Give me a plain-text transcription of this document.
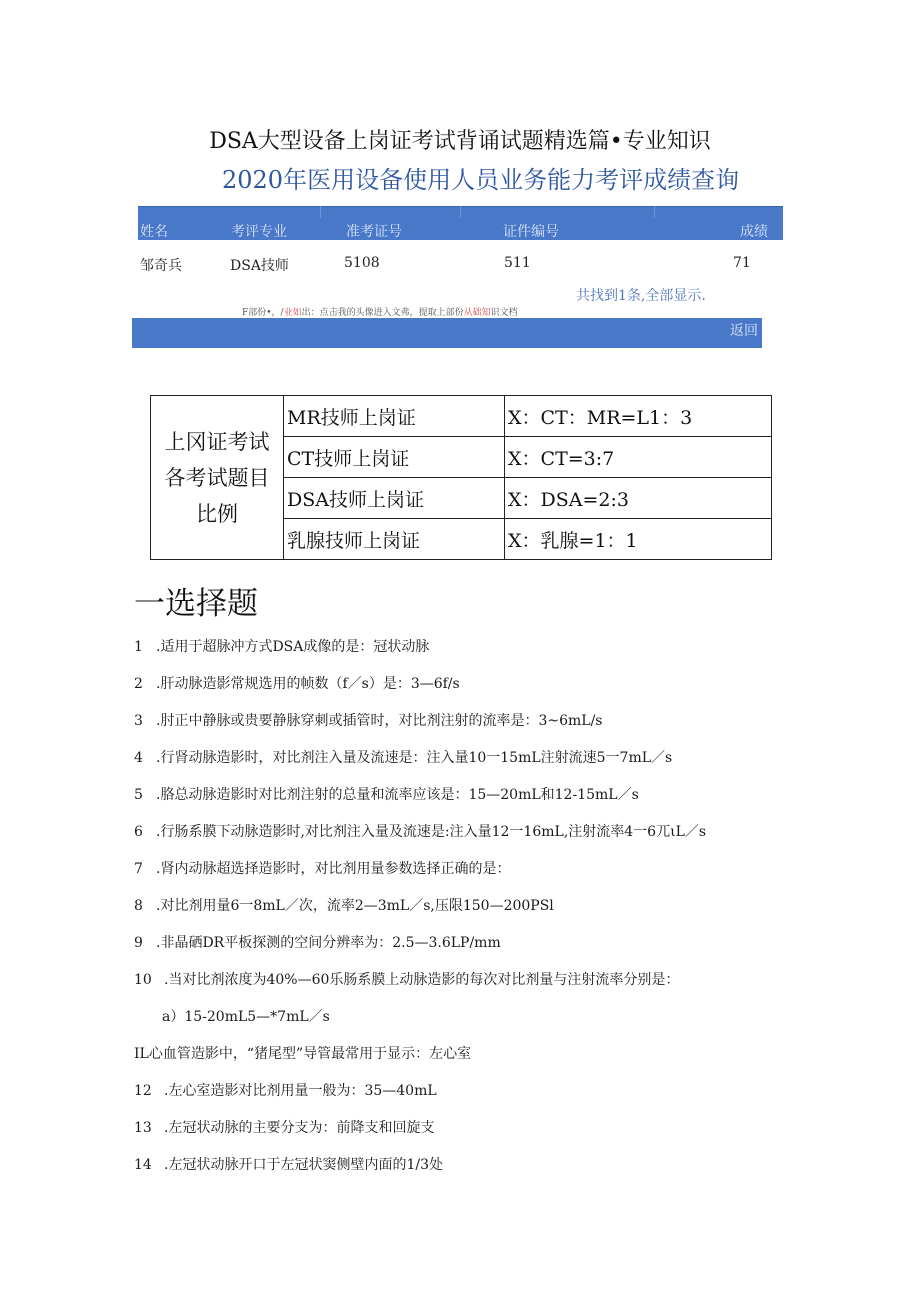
DSA大型设备上岗证考试背诵试题精选篇•专业知识
2020年医用设备使用人员业务能力考评成绩查询
姓名	考评专业	准考证号	证件编号	成绩
邹奇兵	DSA技师	5108	511	71
共找到1条,全部显示.
F部份•，/业如出：点击我的头像进入文弗，提取上部份从础知识文档
返回
上冈证考试
各考试题目
比例	MR技师上岗证	X：CT：MR=L1：3
	CT技师上岗证	X：CT=3:7
	DSA技师上岗证	X：DSA=2:3
	乳腺技师上岗证	X：乳腺=1：1
一选择题
1 .适用于超脉冲方式DSA成像的是：冠状动脉
2 .肝动脉造影常规选用的帧数（f／s）是：3—6f/s
3 .肘正中静脉或贵要静脉穿刺或插管时，对比剂注射的流率是：3~6mL/s
4 .行肾动脉造影时，对比剂注入量及流速是：注入量10一15mL注射流速5一7mL／s
5 .胳总动脉造影时对比剂注射的总量和流率应该是：15—20mL和12-15mL／s
6 .行肠系膜下动脉造影时,对比剂注入量及流速是:注入量12一16mL,注射流率4一6ㄫιL／s
7 .肾内动脉超选择造影时，对比剂用量参数选择正确的是：
8 .对比剂用量6一8mL／次，流率2—3mL／s,压限150—200PSl
9 .非晶硒DR平板探测的空间分辨率为：2.5—3.6LP/mm
10 .当对比剂浓度为40%—60乐肠系膜上动脉造影的每次对比剂量与注射流率分别是：
a）15-20mL5—*7mL／s
IL心血管造影中，“猪尾型”导管最常用于显示：左心室
12 .左心室造影对比剂用量一般为：35—40mL
13 .左冠状动脉的主要分支为：前降支和回旋支
14 .左冠状动脉开口于左冠状窦侧壁内面的1/3处
